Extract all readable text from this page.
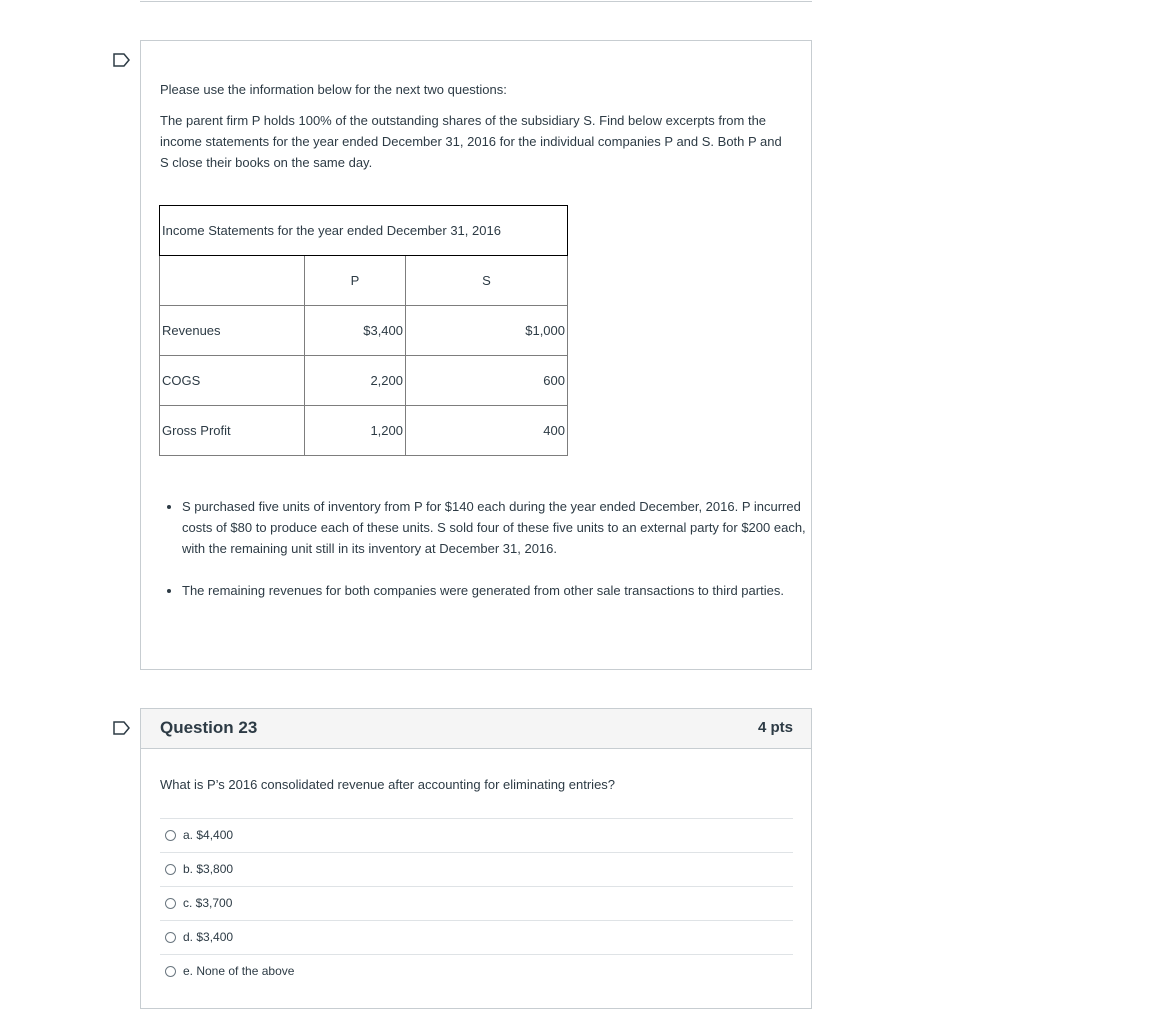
Please use the information below for the next two questions:
The parent firm P holds 100% of the outstanding shares of the subsidiary S. Find below excerpts from the income statements for the year ended December 31, 2016 for the individual companies P and S. Both P and S close their books on the same day.
Income Statements for the year ended December 31, 2016		
	P	S
Revenues	$3,400	$1,000
COGS	2,200	600
Gross Profit	1,200	400
• S purchased five units of inventory from P for $140 each during the year ended December, 2016. P incurred costs of $80 to produce each of these units. S sold four of these five units to an external party for $200 each, with the remaining unit still in its inventory at December 31, 2016.
• The remaining revenues for both companies were generated from other sale transactions to third parties.
Question 23	4 pts
What is P’s 2016 consolidated revenue after accounting for eliminating entries?
a. $4,400
b. $3,800
c. $3,700
d. $3,400
e. None of the above
